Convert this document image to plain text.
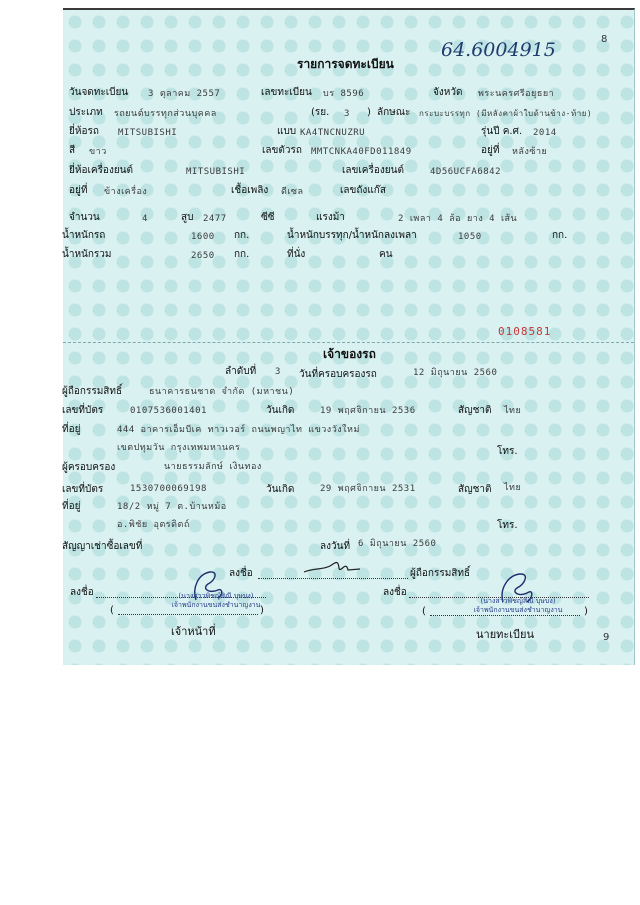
8
64.6004915
รายการจดทะเบียน
วันจดทะเบียน 3 ตุลาคม 2557	เลขทะเบียน บร 8596	จังหวัด พระนครศรีอยุธยา
ประเภท รถยนต์บรรทุกส่วนบุคคล	(รย. 3 ) ลักษณะ กระบะบรรทุก (มีหลังคาผ้าใบด้านข้าง-ท้าย)
ยี่ห้อรถ MITSUBISHI	แบบ KA4TNCNUZRU	รุ่นปี ค.ศ. 2014
สี ขาว	เลขตัวรถ MMTCNKA40FD011849	อยู่ที่ หลังซ้าย
ยี่ห้อเครื่องยนต์	MITSUBISHI	เลขเครื่องยนต์	4D56UCFA6842
อยู่ที่ ข้างเครื่อง	เชื้อเพลิง ดีเซล	เลขถังแก๊ส
จำนวน	4	สูบ 2477	ซีซี	แรงม้า	2 เพลา 4 ล้อ ยาง 4 เส้น
น้ำหนักรถ	1600 กก.	น้ำหนักบรรทุก/น้ำหนักลงเพลา	1050	กก.
น้ำหนักรวม	2650 กก.	ที่นั่ง	คน
0108581
เจ้าของรถ
ลำดับที่ 3 วันที่ครอบครองรถ	12 มิถุนายน 2560
ผู้ถือกรรมสิทธิ์	ธนาคารธนชาต จำกัด (มหาชน)
เลขที่บัตร	0107536001401	วันเกิด	19 พฤศจิกายน 2536	สัญชาติ ไทย
ที่อยู่	444 อาคารเอ็มบีเค ทาวเวอร์ ถนนพญาไท แขวงวังใหม่
เขตปทุมวัน กรุงเทพมหานคร	โทร.
ผู้ครอบครอง	นายธรรมลักษ์ เงินทอง
เลขที่บัตร	1530700069198	วันเกิด	29 พฤศจิกายน 2531	สัญชาติ ไทย
ที่อยู่	18/2 หมู่ 7 ต.บ้านหม้อ
อ.พิชัย อุตรดิตถ์	โทร.
สัญญาเช่าซื้อเลขที่	ลงวันที่ 6 มิถุนายน 2560
ลงชื่อ	ผู้ถือกรรมสิทธิ์
ลงชื่อ	ลงชื่อ
(นางสาวพิชญ์สิณี บุษบง)
เจ้าพนักงานขนส่งชำนาญงาน	(นางสาวพิชญ์สิณี บุษบง)
เจ้าพนักงานขนส่งชำนาญงาน
(	)	(	)
เจ้าหน้าที่	นายทะเบียน	9
